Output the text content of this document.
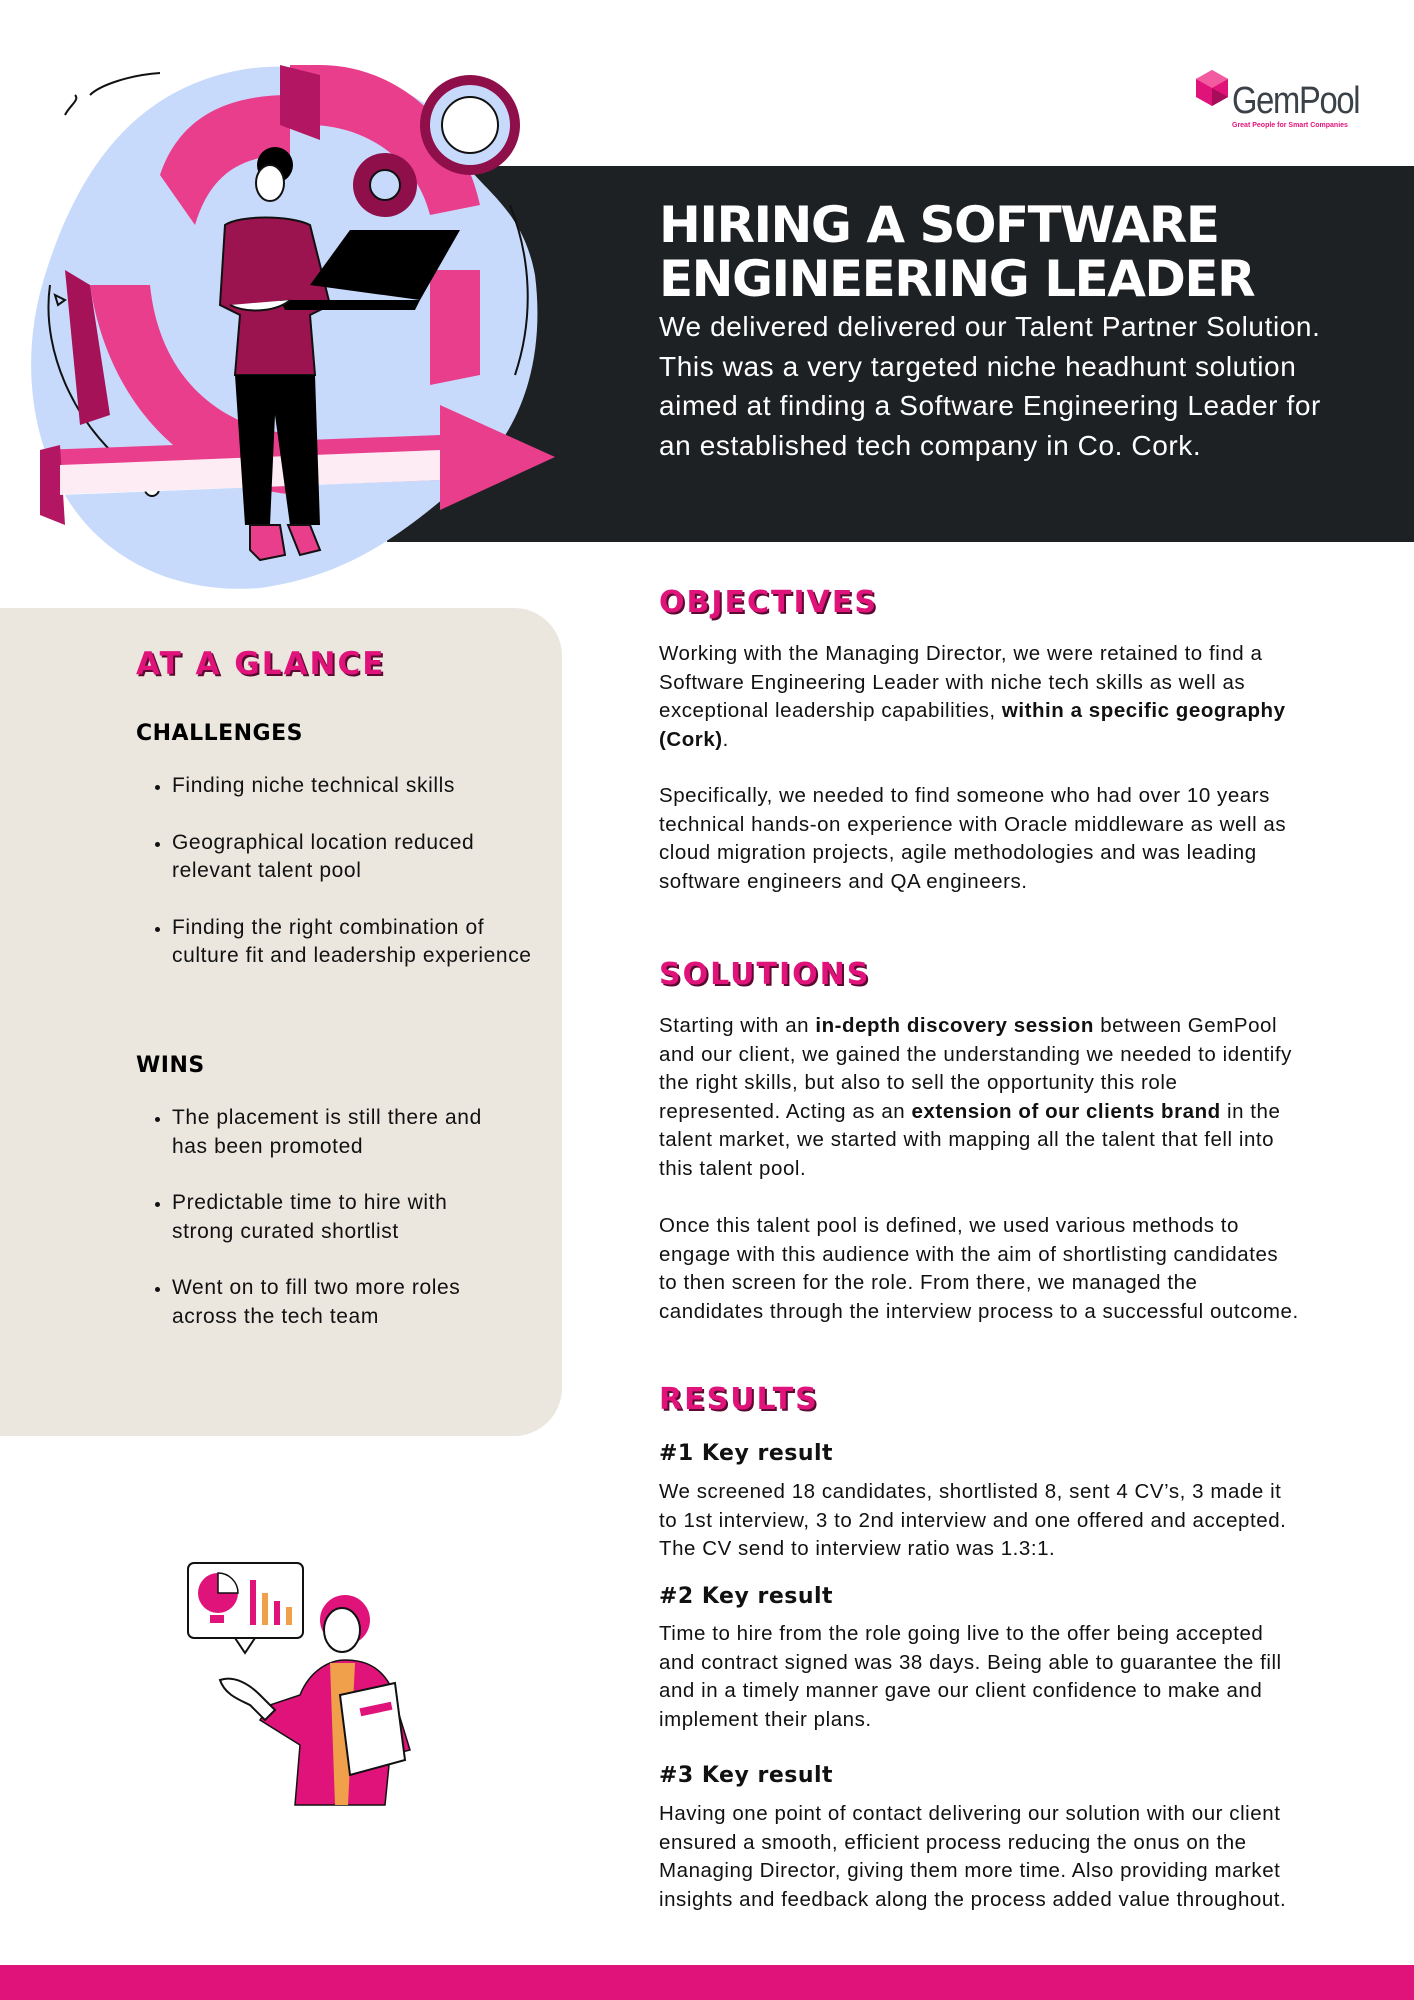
GemPool
Great People for Smart Companies
HIRING A SOFTWARE
ENGINEERING LEADER

We delivered delivered our Talent Partner Solution. This was a very targeted niche headhunt solution aimed at finding a Software Engineering Leader for an established tech company in Co. Cork.

AT A GLANCE
CHALLENGES
• Finding niche technical skills
• Geographical location reduced relevant talent pool
• Finding the right combination of culture fit and leadership experience
WINS
• The placement is still there and has been promoted
• Predictable time to hire with strong curated shortlist
• Went on to fill two more roles across the tech team
OBJECTIVES

Working with the Managing Director, we were retained to find a Software Engineering Leader with niche tech skills as well as exceptional leadership capabilities, within a specific geography (Cork).

Specifically, we needed to find someone who had over 10 years technical hands-on experience with Oracle middleware as well as cloud migration projects, agile methodologies and was leading software engineers and QA engineers.

SOLUTIONS

Starting with an in-depth discovery session between GemPool and our client, we gained the understanding we needed to identify the right skills, but also to sell the opportunity this role represented. Acting as an extension of our clients brand in the talent market, we started with mapping all the talent that fell into this talent pool.

Once this talent pool is defined, we used various methods to engage with this audience with the aim of shortlisting candidates to then screen for the role. From there, we managed the candidates through the interview process to a successful outcome.

RESULTS
#1 Key result

We screened 18 candidates, shortlisted 8, sent 4 CV’s, 3 made it to 1st interview, 3 to 2nd interview and one offered and accepted. The CV send to interview ratio was 1.3:1.

#2 Key result

Time to hire from the role going live to the offer being accepted and contract signed was 38 days. Being able to guarantee the fill and in a timely manner gave our client confidence to make and implement their plans.

#3 Key result

Having one point of contact delivering our solution with our client ensured a smooth, efficient process reducing the onus on the Managing Director, giving them more time. Also providing market insights and feedback along the process added value throughout.
